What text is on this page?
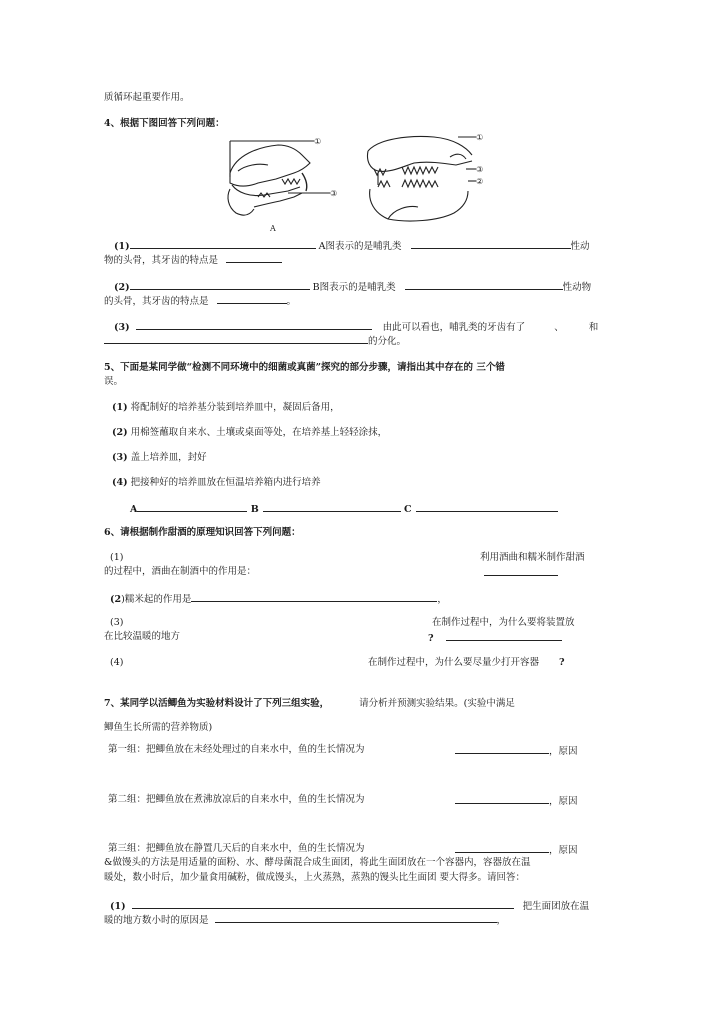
质循环起重要作用。
4、根据下图回答下列问题：
①
③
A
①
③
②
(1)	A图表示的是哺乳类	性动
物的头骨，其牙齿的特点是
(2)	B图表示的是哺乳类	性动物
的头骨，其牙齿的特点是	。
(3)	由此可以看也，哺乳类的牙齿有了	、	和
的分化。
5、下面是某同学做“检测不同环境中的细菌或真菌”探究的部分步骤，请指出其中存在的 三个错
误。
(1) 将配制好的培养基分装到培养皿中，凝固后备用，
(2) 用棉签蘸取自来水、土壤或桌面等处，在培养基上轻轻涂抹，
(3) 盖上培养皿，封好
(4) 把接种好的培养皿放在恒温培养箱内进行培养
A	B	C
6、请根据制作甜酒的原理知识回答下列问题：
(1)	利用酒曲和糯米制作甜酒
的过程中，酒曲在制酒中的作用是：
(2)糯米起的作用是	，
(3)	在制作过程中，为什么要将装置放
在比较温暖的地方	?
(4)	在制作过程中，为什么要尽量少打开容器 ?
7、某同学以活鲫鱼为实验材料设计了下列三组实验，	请分析并预测实验结果。(实验中满足
鲫鱼生长所需的营养物质)
第一组：把鲫鱼放在未经处理过的自来水中，鱼的生长情况为	，原因
第二组：把鲫鱼放在煮沸放凉后的自来水中，鱼的生长情况为	，原因
第三组：把鲫鱼放在静置几天后的自来水中，鱼的生长情况为	，原因
&做馒头的方法是用适量的面粉、水、酵母菌混合成生面团，将此生面团放在一个容器内，容器放在温
暖处，数小时后，加少量食用碱粉，做成馒头，上火蒸熟，蒸熟的馒头比生面团 要大得多。请回答：
(1)	把生面团放在温
暖的地方数小时的原因是	，
